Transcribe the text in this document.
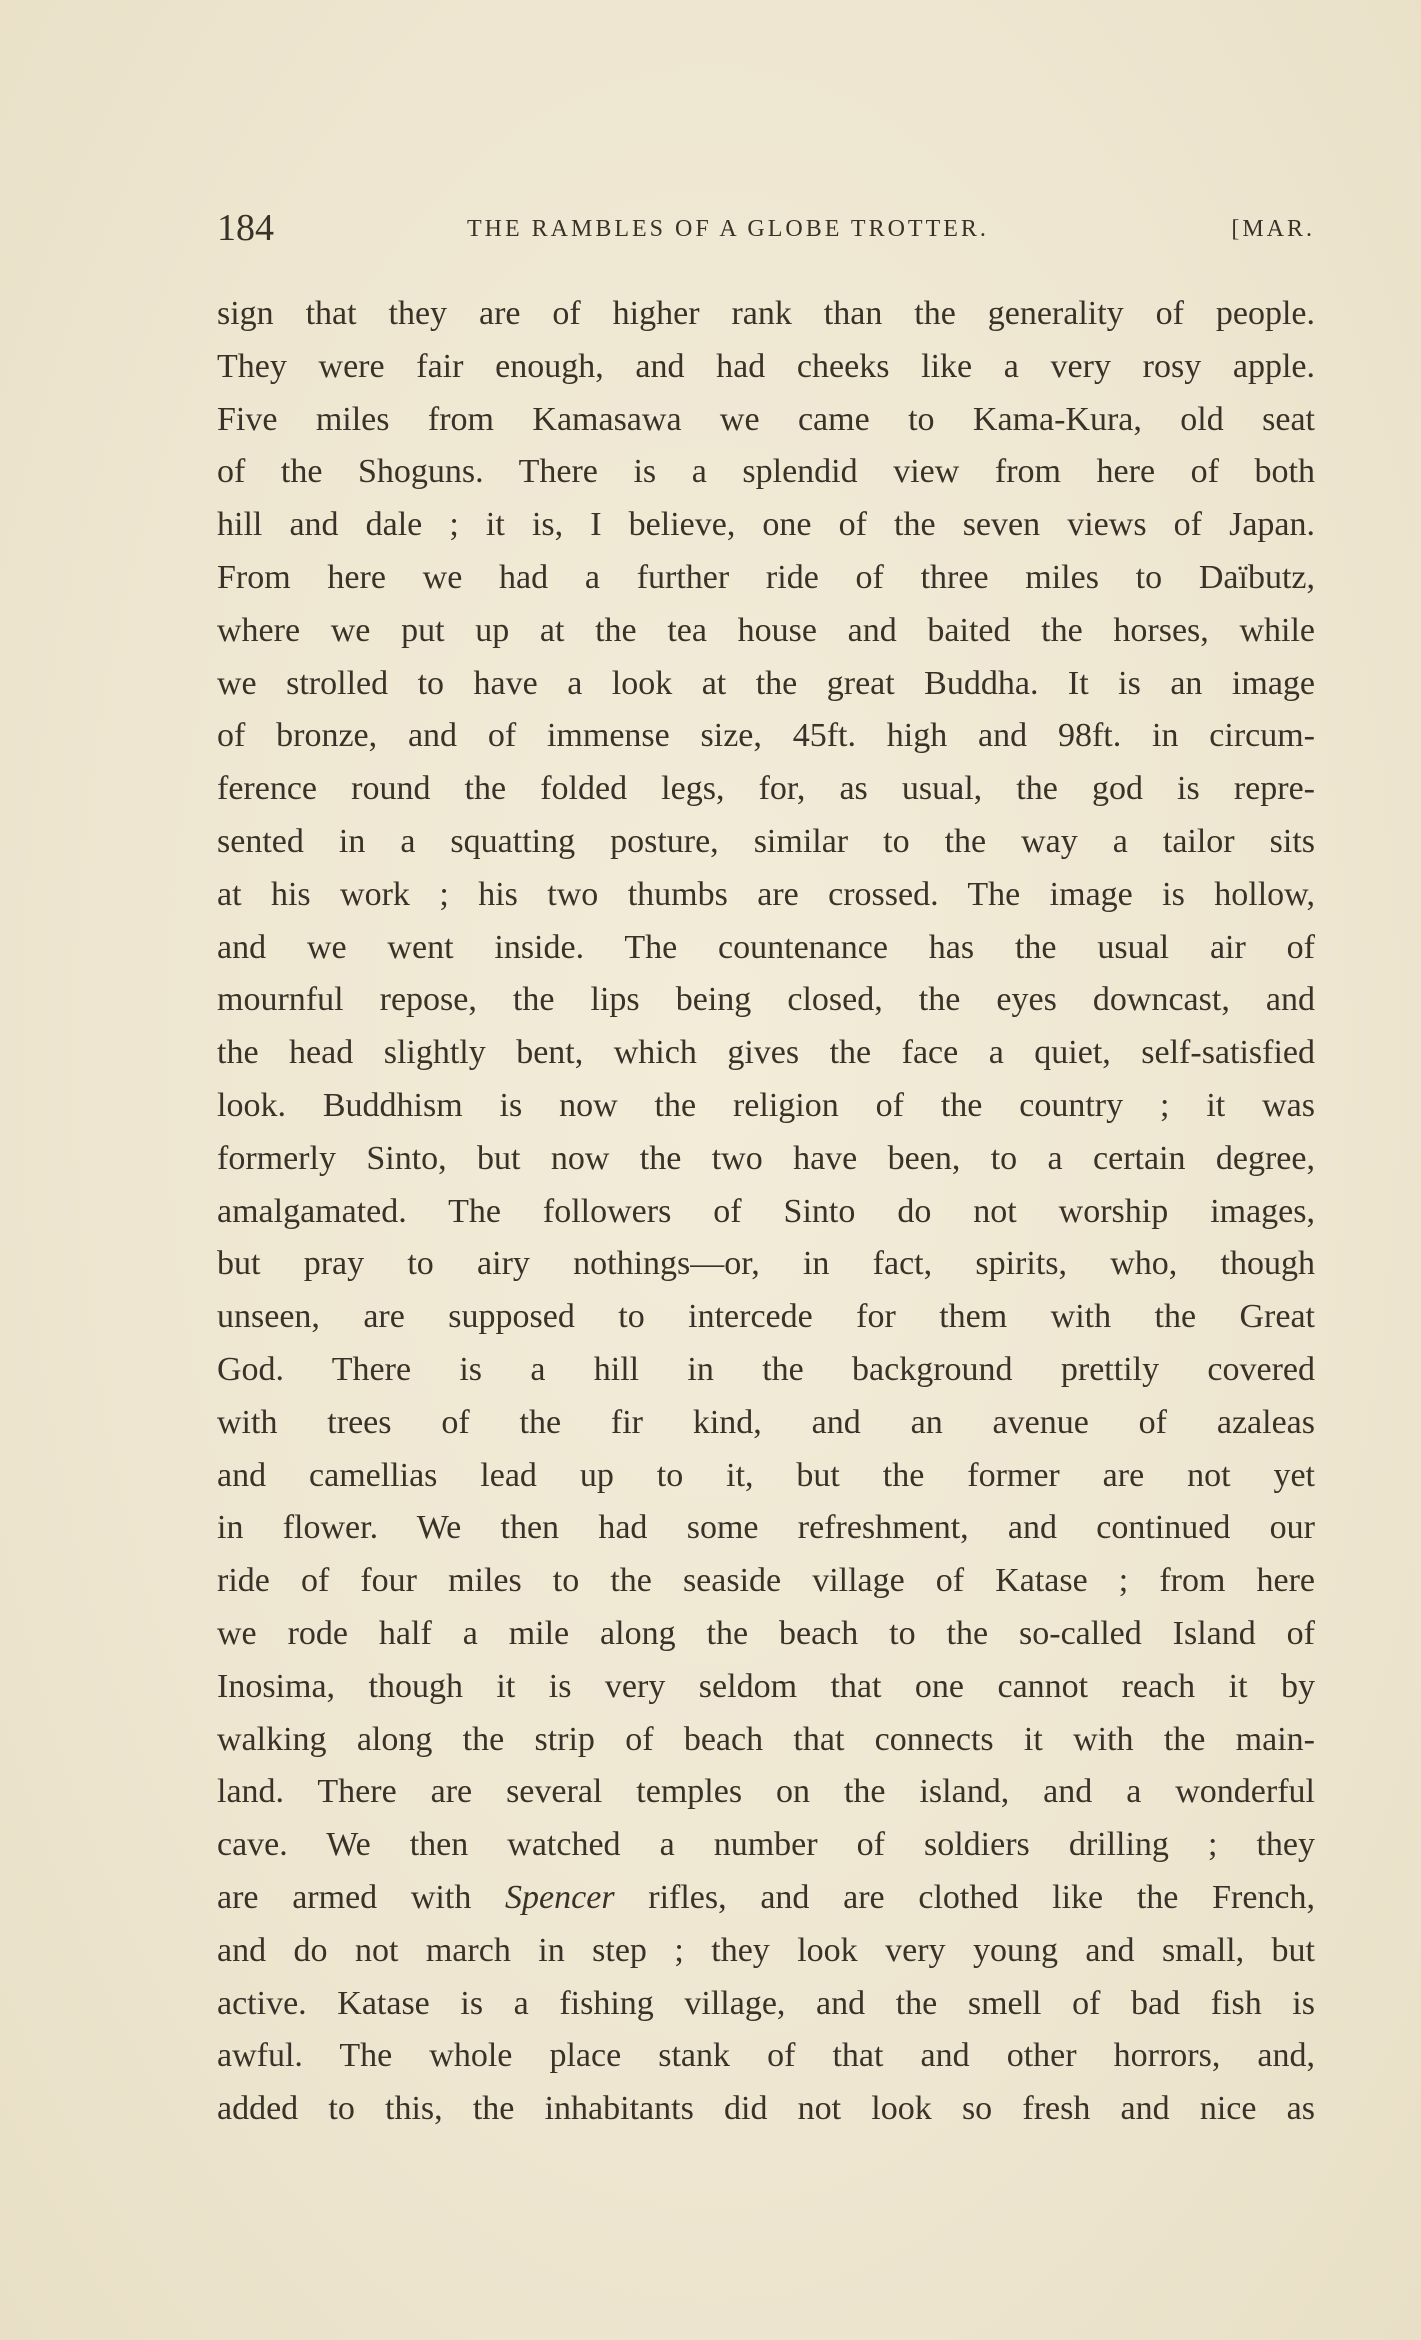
184	THE RAMBLES OF A GLOBE TROTTER.	[MAR.
sign that they are of higher rank than the generality of people.
They were fair enough, and had cheeks like a very rosy apple.
Five miles from Kamasawa we came to Kama-Kura, old seat
of the Shoguns. There is a splendid view from here of both
hill and dale ; it is, I believe, one of the seven views of Japan.
From here we had a further ride of three miles to Daïbutz,
where we put up at the tea house and baited the horses, while
we strolled to have a look at the great Buddha. It is an image
of bronze, and of immense size, 45ft. high and 98ft. in circum-
ference round the folded legs, for, as usual, the god is repre-
sented in a squatting posture, similar to the way a tailor sits
at his work ; his two thumbs are crossed. The image is hollow,
and we went inside. The countenance has the usual air of
mournful repose, the lips being closed, the eyes downcast, and
the head slightly bent, which gives the face a quiet, self-satisfied
look. Buddhism is now the religion of the country ; it was
formerly Sinto, but now the two have been, to a certain degree,
amalgamated. The followers of Sinto do not worship images,
but pray to airy nothings—or, in fact, spirits, who, though
unseen, are supposed to intercede for them with the Great
God. There is a hill in the background prettily covered
with trees of the fir kind, and an avenue of azaleas
and camellias lead up to it, but the former are not yet
in flower. We then had some refreshment, and continued our
ride of four miles to the seaside village of Katase ; from here
we rode half a mile along the beach to the so-called Island of
Inosima, though it is very seldom that one cannot reach it by
walking along the strip of beach that connects it with the main-
land. There are several temples on the island, and a wonderful
cave. We then watched a number of soldiers drilling ; they
are armed with Spencer rifles, and are clothed like the French,
and do not march in step ; they look very young and small, but
active. Katase is a fishing village, and the smell of bad fish is
awful. The whole place stank of that and other horrors, and,
added to this, the inhabitants did not look so fresh and nice as
